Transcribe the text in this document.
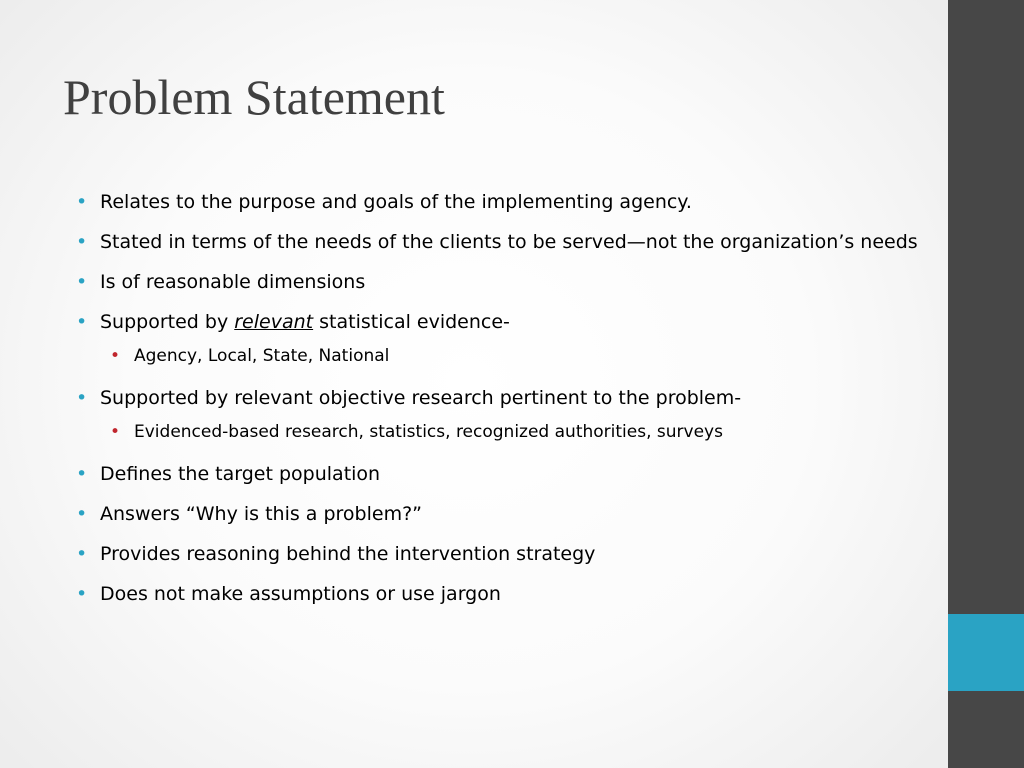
Problem Statement
• Relates to the purpose and goals of the implementing agency.
• Stated in terms of the needs of the clients to be served—not the organization’s needs
• Is of reasonable dimensions
• Supported by relevant statistical evidence-
• Agency, Local, State, National
• Supported by relevant objective research pertinent to the problem-
• Evidenced-based research, statistics, recognized authorities, surveys
• Defines the target population
• Answers “Why is this a problem?”
• Provides reasoning behind the intervention strategy
• Does not make assumptions or use jargon
